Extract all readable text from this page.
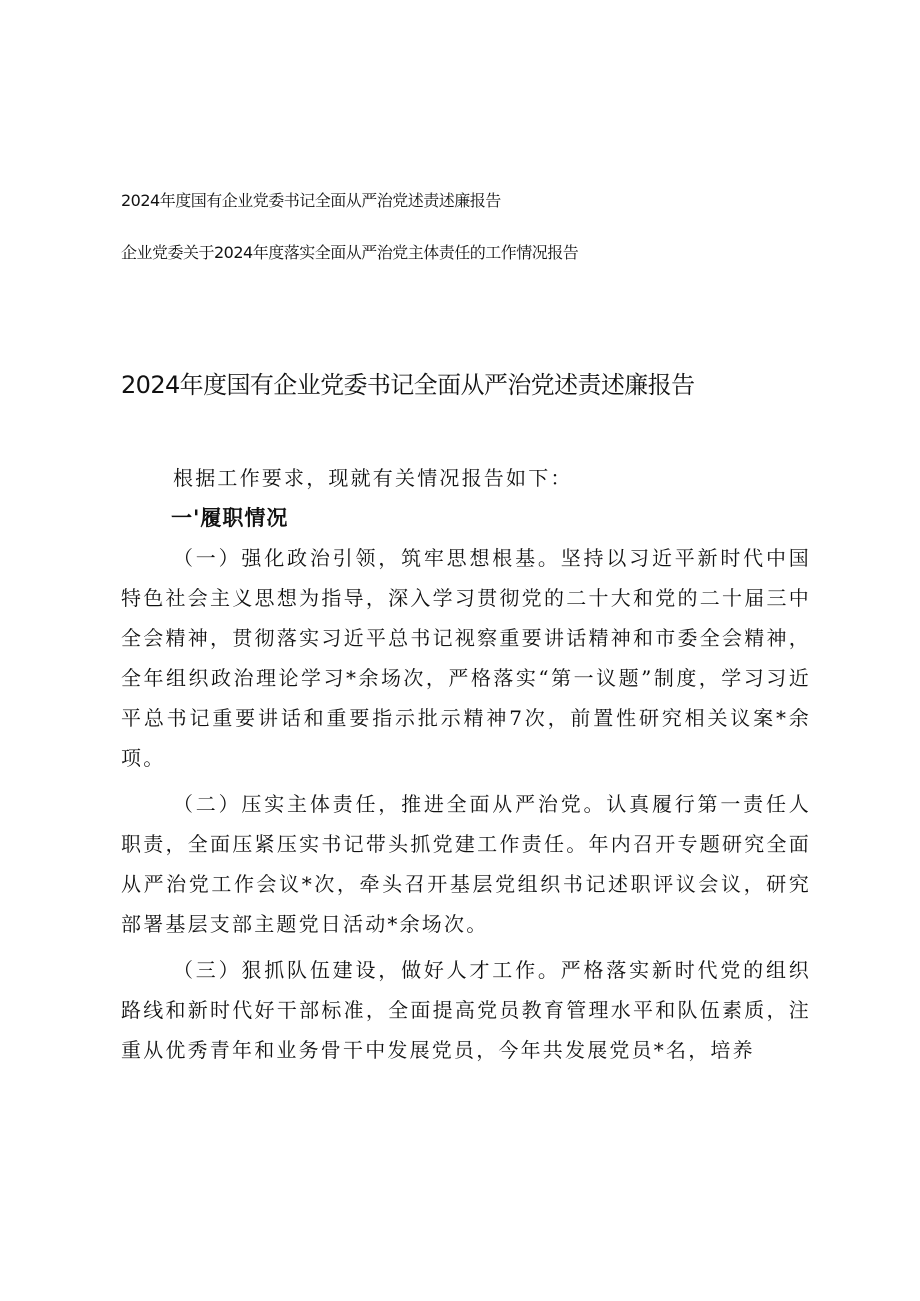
2024年度国有企业党委书记全面从严治党述责述廉报告
企业党委关于2024年度落实全面从严治党主体责任的工作情况报告
2024年度国有企业党委书记全面从严治党述责述廉报告

根据工作要求，现就有关情况报告如下：

一'履职情况

（一）强化政治引领，筑牢思想根基。坚持以习近平新时代中国特色社会主义思想为指导，深入学习贯彻党的二十大和党的二十届三中全会精神，贯彻落实习近平总书记视察重要讲话精神和市委全会精神，全年组织政治理论学习*余场次，严格落实“第一议题”制度，学习习近平总书记重要讲话和重要指示批示精神7次，前置性研究相关议案*余项。

（二）压实主体责任，推进全面从严治党。认真履行第一责任人职责，全面压紧压实书记带头抓党建工作责任。年内召开专题研究全面从严治党工作会议*次，牵头召开基层党组织书记述职评议会议，研究部署基层支部主题党日活动*余场次。

（三）狠抓队伍建设，做好人才工作。严格落实新时代党的组织路线和新时代好干部标准，全面提高党员教育管理水平和队伍素质，注重从优秀青年和业务骨干中发展党员，今年共发展党员*名，培养
